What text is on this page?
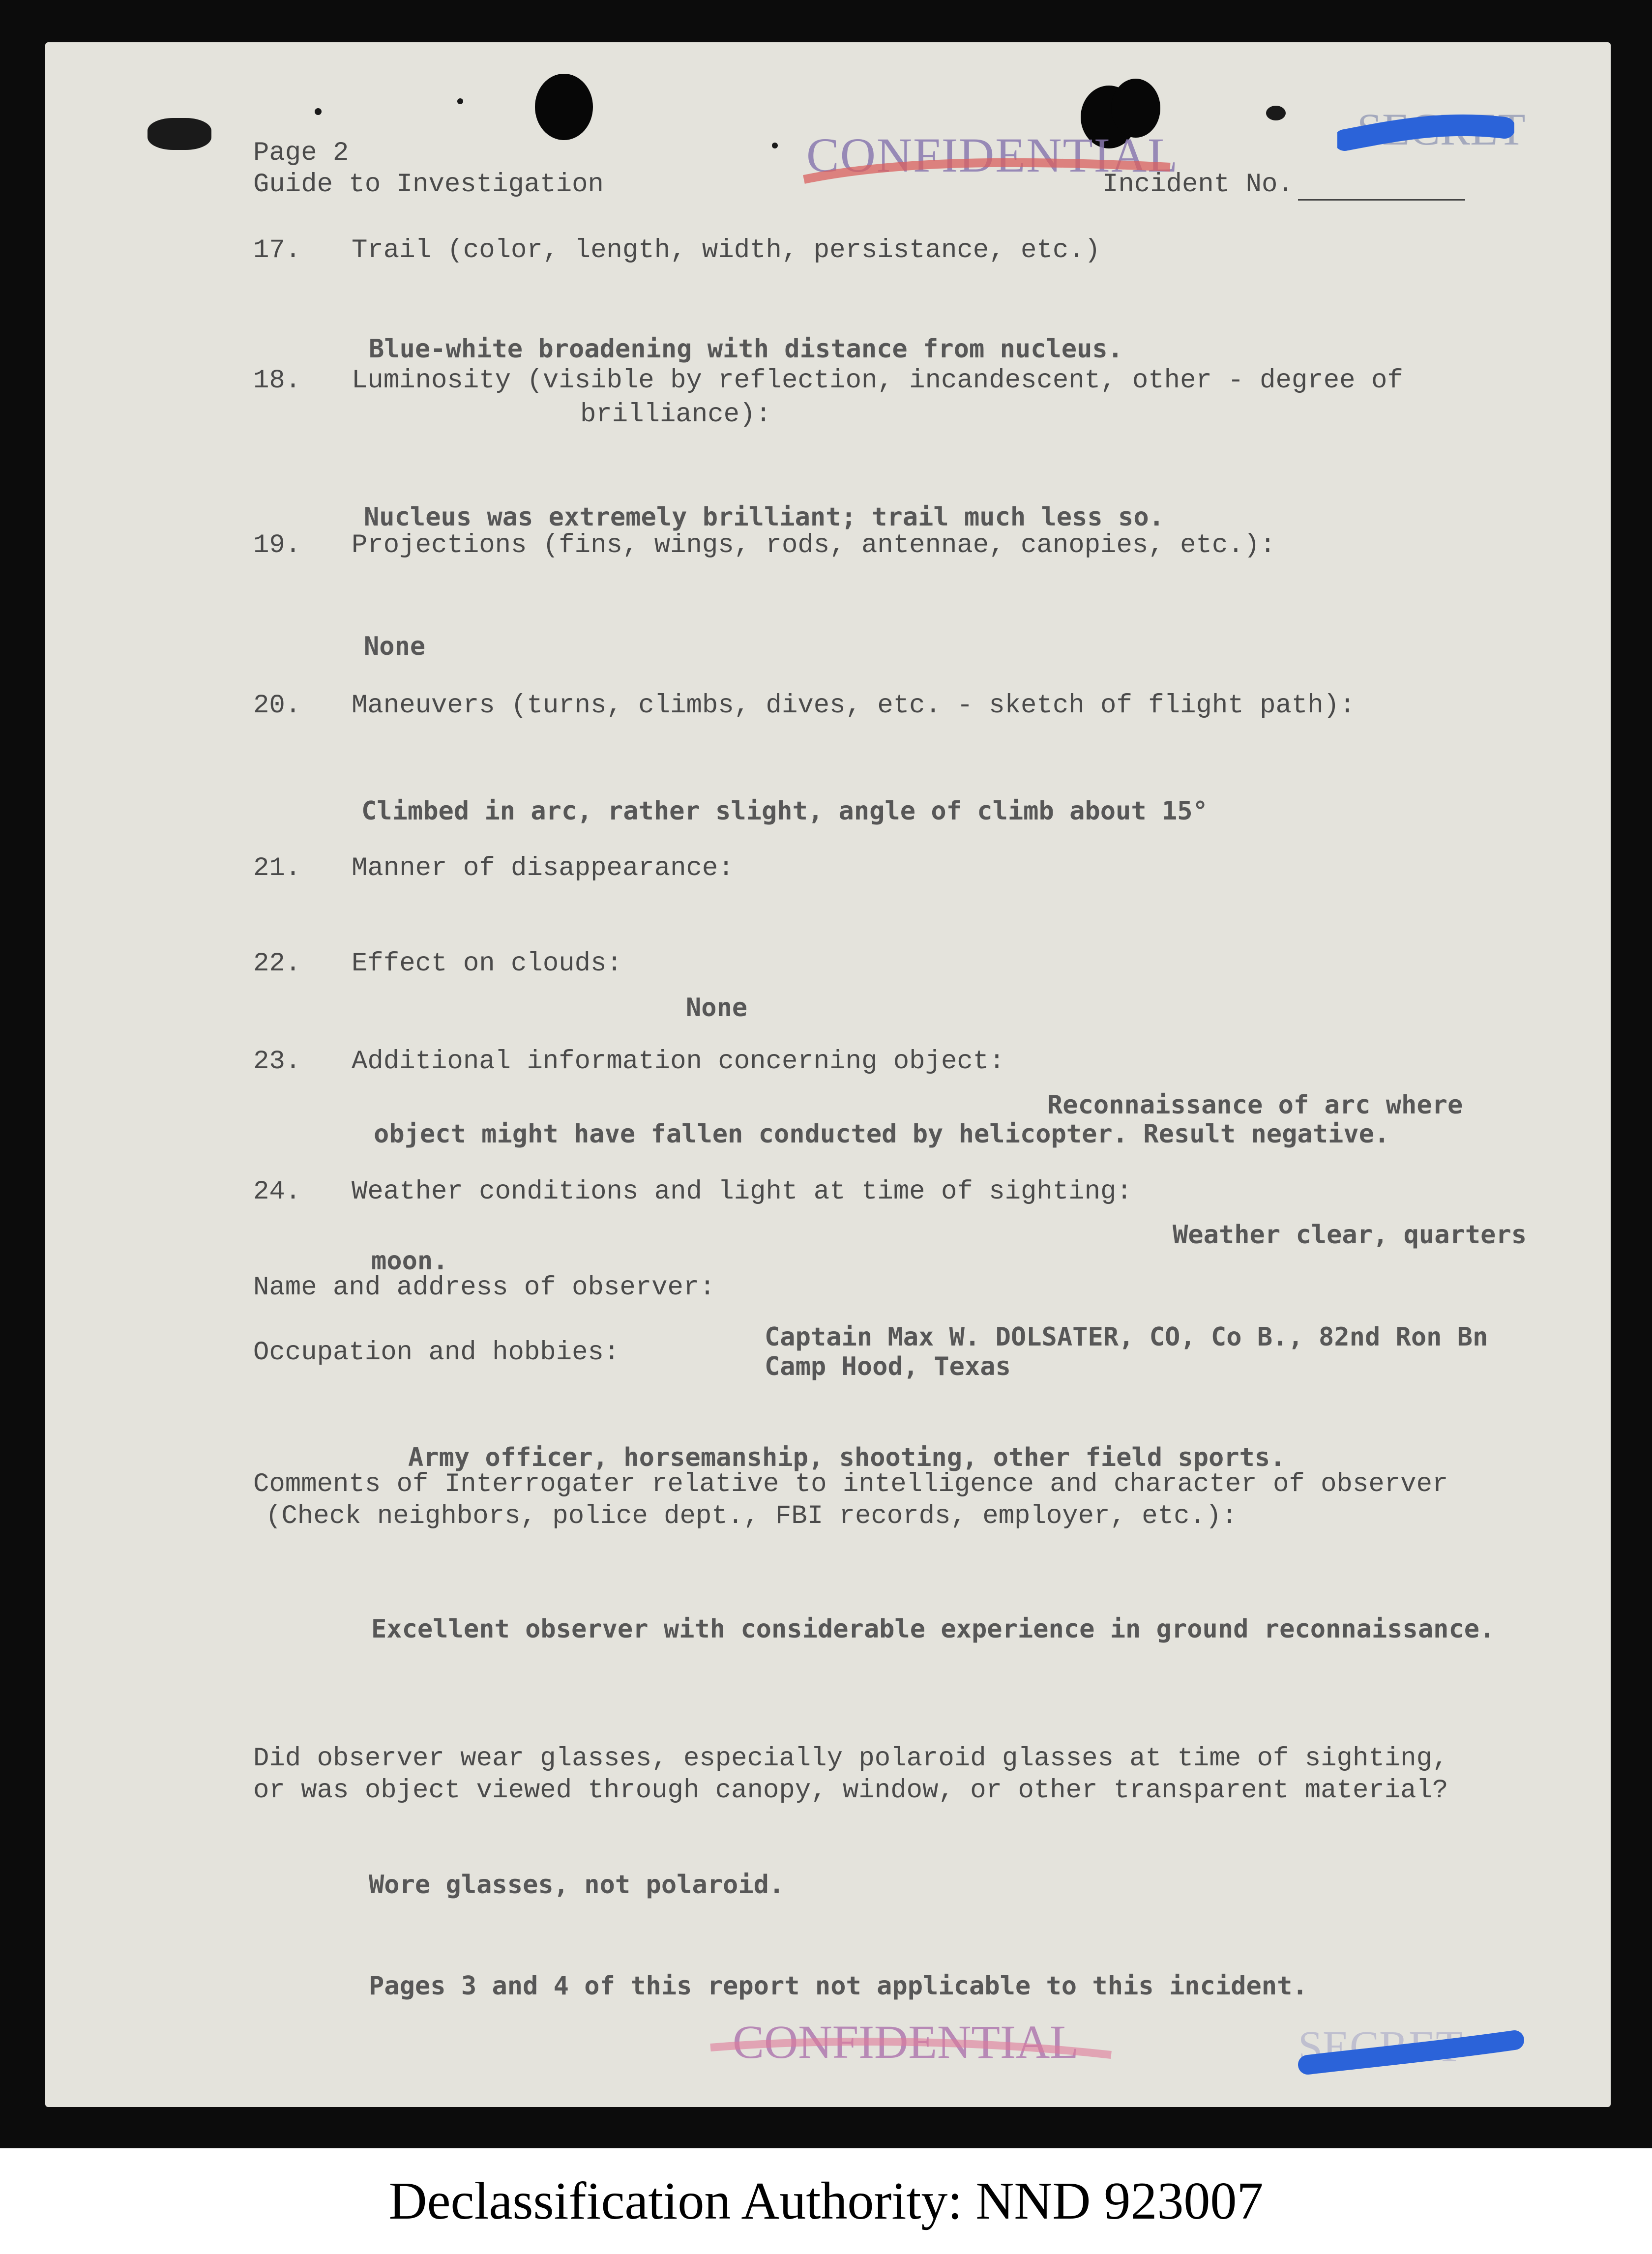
Page 2
Guide to Investigation	Incident No.
CONFIDENTIAL	SECRET
17. Trail (color, length, width, persistance, etc.)
Blue-white broadening with distance from nucleus.
18. Luminosity (visible by reflection, incandescent, other - degree of
brilliance):
Nucleus was extremely brilliant; trail much less so.
19. Projections (fins, wings, rods, antennae, canopies, etc.):
None
20. Maneuvers (turns, climbs, dives, etc. - sketch of flight path):
Climbed in arc, rather slight, angle of climb about 15°
21. Manner of disappearance:
22. Effect on clouds:
None
23. Additional information concerning object:
Reconnaissance of arc where
object might have fallen conducted by helicopter. Result negative.
24. Weather conditions and light at time of sighting:
Weather clear, quarters
moon.
Name and address of observer:
Captain Max W. DOLSATER, CO, Co B., 82nd Ron Bn
Camp Hood, Texas
Occupation and hobbies:
Army officer, horsemanship, shooting, other field sports.
Comments of Interrogater relative to intelligence and character of observer
(Check neighbors, police dept., FBI records, employer, etc.):
Excellent observer with considerable experience in ground reconnaissance.
Did observer wear glasses, especially polaroid glasses at time of sighting,
or was object viewed through canopy, window, or other transparent material?
Wore glasses, not polaroid.
Pages 3 and 4 of this report not applicable to this incident.
CONFIDENTIAL	SECRET
Declassification Authority: NND 923007
